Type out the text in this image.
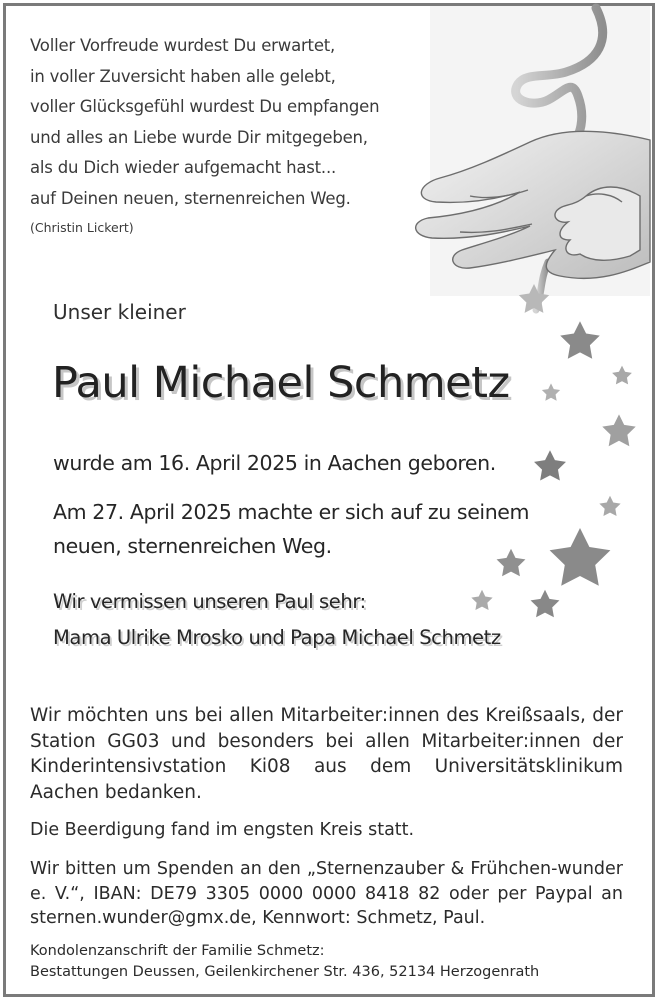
Voller Vorfreude wurdest Du erwartet,
in voller Zuversicht haben alle gelebt,
voller Glücksgefühl wurdest Du empfangen
und alles an Liebe wurde Dir mitgegeben,
als du Dich wieder aufgemacht hast...
auf Deinen neuen, sternenreichen Weg.
(Christin Lickert)
Unser kleiner
Paul Michael Schmetz
wurde am 16. April 2025 in Aachen geboren.
Am 27. April 2025 machte er sich auf zu seinem
neuen, sternenreichen Weg.
Wir vermissen unseren Paul sehr:
Mama Ulrike Mrosko und Papa Michael Schmetz
Wir möchten uns bei allen Mitarbeiter:innen des Kreißsaals, der Station GG03 und besonders bei allen Mitarbeiter:innen der Kinderintensivstation Ki08 aus dem Universitätsklinikum Aachen bedanken.
Die Beerdigung fand im engsten Kreis statt.
Wir bitten um Spenden an den „Sternenzauber & Frühchen-wunder e. V.“, IBAN: DE79 3305 0000 0000 8418 82 oder per Paypal an sternen.wunder@gmx.de, Kennwort: Schmetz, Paul.
Kondolenzanschrift der Familie Schmetz:
Bestattungen Deussen, Geilenkirchener Str. 436, 52134 Herzogenrath
